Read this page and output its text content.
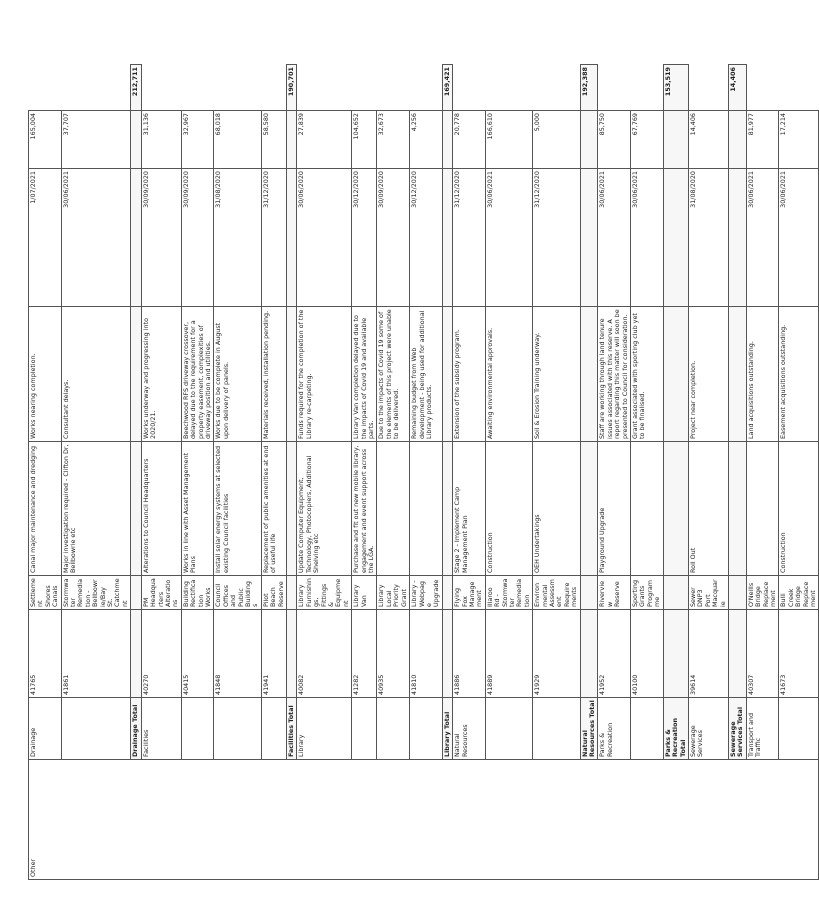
Other	Drainage	41765	Settlement Shores Canals	Canal major maintenance and dredging	Works nearing completion.	1/07/2021	165,004	
		41861	Stormwater Remediation - Bellbowrie/Bay St. Catchment	Major investigation required - Clifton Dr, Bellbowrie etc	Consultant delays.	30/06/2021	37,707	
	Drainage Total							212,711
	Facilities	40270	PM Headquarters Alterations	Alterations to Council Headquarters	Works underway and progressing into 2020/21.	30/09/2020	31,136	
		40415	Building Rectification Works	Works in line with Asset Management Plans	Beechwood RFS driveway crossover, delayed due to the requirement for a property easement, complexities of driveway position and utilities.	30/09/2020	32,967	
		41848	Council Offices and Public Buildings	Install solar energy systems at selected existing Council facilities	Works due to be complete in August upon delivery of panels.	31/08/2020	68,018	
		41941	Pilot Beach Reserve	Replacement of public amenities at end of useful life	Materials received, installation pending.	31/12/2020	58,580	
	Facilities Total							190,701
	Library	40082	Library Furnishings, Fittings & Equipment	Update Computer Equipment, Technology, Photocopiers, Additional Shelving etc	Funds required for the completion of the Library re-carpeting.	30/06/2020	27,839	
		41282	Library Van	Purchase and fit out new mobile library, engagement and event support across the LGA.	Library Van completion delayed due to the impacts of Covid 19 and available parts.	30/12/2020	104,652	
		40935	Library Local Priority Grant		Due to the impacts of Covid 19 some of the elements of this project were unable to be delivered.	30/09/2020	32,673	
		41810	Library - Webpage Upgrade		Remaining budget from Web development - being used for additional Library products.	30/12/2020	4,256	
	Library Total							169,421
	Natural Resources	41886	Flying Fox Management	Stage 2 - Implement Camp Management Plan	Extension of the subsidy program.	31/12/2020	20,778	
		41889	Illaroo Rd - Stormwater Remediation	Construction	Awaiting environmental approvals.	30/06/2021	166,610	
		41929	Environmental Assessment Requirements	OEH Undertakings	Soil & Erosion Training underway.	31/12/2020	5,000	
	Natural Resources Total							192,388
	Parks & Recreation	41952	Riverview Reserve	Playground Upgrade	Staff are working through land tenure issues associated with this reserve. A report regarding this matter will soon be presented to Council for consideration.	30/06/2021	85,750	
		40100	Sporting Grants Programme		Grant associated with sporting club yet to be finalised.	30/06/2021	67,769	
	Parks & Recreation Total							153,519
	Sewerage Services	39614	Sewer DNP3 Port Macquarie	Roll Out	Project near completion.	31/08/2020	14,406	
	Sewerage Services Total							14,406
	Transport and Traffic	40307	O'Neills Bridge Replacement		Land acquisitions outstanding.	30/06/2021	81,977	
		41673	Bulli Creek Bridge Replacement	Construction	Easement acquisitions outstanding.	30/06/2021	17,214	
